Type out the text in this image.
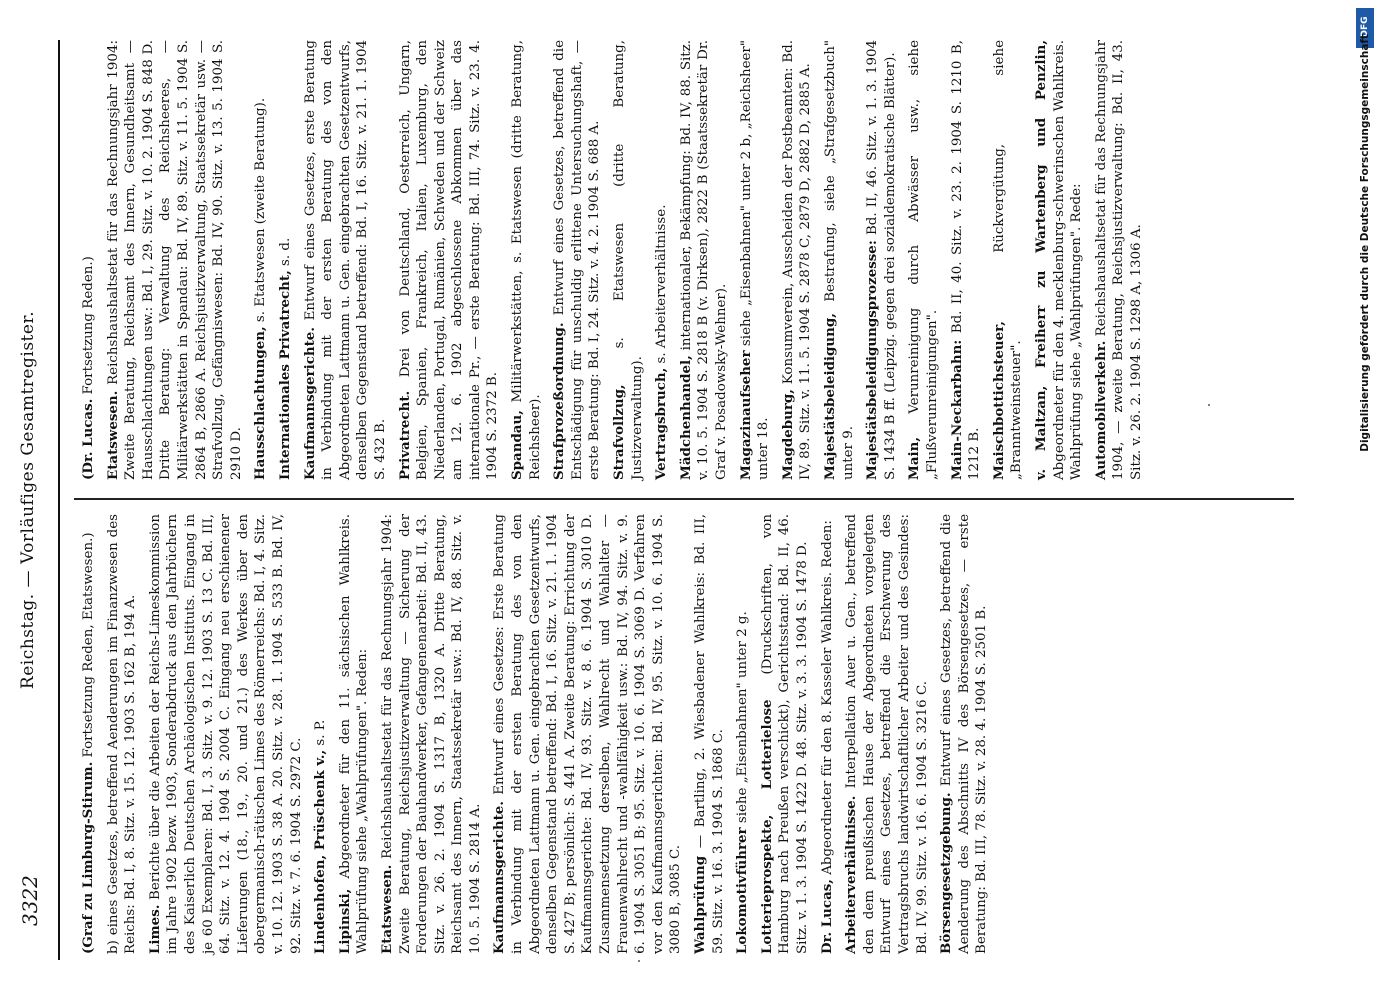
3322
Reichstag. — Vorläufiges Gesamtregister.

(Graf zu Limburg-Stirum. Fortsetzung Reden, Etatswesen.) b) eines Gesetzes, betreffend Aenderungen im Finanzwesen des Reichs: Bd. I, 8. Sitz. v. 15. 12. 1903 S. 162 B, 194 A. Limes. Berichte über die Arbeiten der Reichs-Limeskommission im Jahre 1902 bezw. 1903, Sonderabdruck aus den Jahrbüchern des Kaiserlich Deutschen Archäologischen Instituts. Eingang in je 60 Exemplaren: Bd. I, 3. Sitz. v. 9. 12. 1903 S. 13 C. Bd. III, 64. Sitz. v. 12. 4. 1904 S. 2004 C. Eingang neu erschienener Lieferungen (18., 19., 20. und 21.) des Werkes über den obergermanisch-rätischen Limes des Römerreichs: Bd. I, 4. Sitz. v. 10. 12. 1903 S. 38 A. 20. Sitz. v. 28. 1. 1904 S. 533 B. Bd. IV, 92. Sitz. v. 7. 6. 1904 S. 2972 C. Lindenhofen, Prüschenk v., s. P.

Lipinski, Abgeordneter für den 11. sächsischen Wahlkreis. Wahlprüfung siehe „Wahlprüfungen". Reden: Etatswesen. Reichshaushaltsetat für das Rechnungsjahr 1904: Zweite Beratung, Reichsjustizverwaltung — Sicherung der Forderungen der Bauhandwerker, Gefangenenarbeit: Bd. II, 43. Sitz. v. 26. 2. 1904 S. 1317 B, 1320 A. Dritte Beratung, Reichsamt des Innern, Staatssekretär usw.: Bd. IV, 88. Sitz. v. 10. 5. 1904 S. 2814 A. Kaufmannsgerichte. Entwurf eines Gesetzes: Erste Beratung in Verbindung mit der ersten Beratung des von den Abgeordneten Lattmann u. Gen. eingebrachten Gesetzentwurfs, denselben Gegenstand betreffend: Bd. I, 16. Sitz. v. 21. 1. 1904 S. 427 B; persönlich: S. 441 A. Zweite Beratung: Errichtung der Kaufmannsgerichte: Bd. IV, 93. Sitz. v. 8. 6. 1904 S. 3010 D. Zusammensetzung derselben, Wahlrecht und Wahlalter — Frauenwahlrecht und -wahlfähigkeit usw.: Bd. IV, 94. Sitz. v. 9. 6. 1904 S. 3051 B; 95. Sitz. v. 10. 6. 1904 S. 3069 D. Verfahren vor den Kaufmannsgerichten: Bd. IV, 95. Sitz. v. 10. 6. 1904 S. 3080 B, 3085 C. Wahlprüfung — Bartling, 2. Wiesbadener Wahlkreis: Bd. III, 59. Sitz. v. 16. 3. 1904 S. 1868 C. Lokomotivführer siehe „Eisenbahnen" unter 2 g. Lotterieprospekte, Lotterielose (Druckschriften, von Hamburg nach Preußen verschickt), Gerichtsstand: Bd. II, 46. Sitz. v. 1. 3. 1904 S. 1422 D. 48. Sitz. v. 3. 3. 1904 S. 1478 D. Dr. Lucas, Abgeordneter für den 8. Kasseler Wahlkreis. Reden:

Arbeiterverhältnisse. Interpellation Auer u. Gen., betreffend den dem preußischen Hause der Abgeordneten vorgelegten Entwurf eines Gesetzes, betreffend die Erschwerung des Vertragsbruchs landwirtschaftlicher Arbeiter und des Gesindes: Bd. IV, 99. Sitz. v. 16. 6. 1904 S. 3216 C. Börsengesetzgebung. Entwurf eines Gesetzes, betreffend die Aenderung des Abschnitts IV des Börsengesetzes, — erste Beratung: Bd. III, 78. Sitz. v. 28. 4. 1904 S. 2501 B.

(Dr. Lucas. Fortsetzung Reden.)

Etatswesen. Reichshaushaltsetat für das Rechnungsjahr 1904: Zweite Beratung, Reichsamt des Innern, Gesundheitsamt — Hausschlachtungen usw.: Bd. I, 29. Sitz. v. 10. 2. 1904 S. 848 D. Dritte Beratung: Verwaltung des Reichsheeres, — Militärwerkstätten in Spandau: Bd. IV, 89. Sitz. v. 11. 5. 1904 S. 2864 B, 2866 A. Reichsjustizverwaltung, Staatssekretär usw. — Strafvollzug, Gefängniswesen: Bd. IV, 90. Sitz. v. 13. 5. 1904 S. 2910 D. Hausschlachtungen, s. Etatswesen (zweite Beratung).

Internationales Privatrecht, s. d.

Kaufmannsgerichte. Entwurf eines Gesetzes, erste Beratung in Verbindung mit der ersten Beratung des von den Abgeordneten Lattmann u. Gen. eingebrachten Gesetzentwurfs, denselben Gegenstand betreffend: Bd. I, 16. Sitz. v. 21. 1. 1904 S. 432 B. Privatrecht. Drei von Deutschland, Oesterreich, Ungarn, Belgien, Spanien, Frankreich, Italien, Luxemburg, den Niederlanden, Portugal, Rumänien, Schweden und der Schweiz am 12. 6. 1902 abgeschlossene Abkommen über das internationale Pr., — erste Beratung: Bd. III, 74. Sitz. v. 23. 4. 1904 S. 2372 B. Spandau, Militärwerkstätten, s. Etatswesen (dritte Beratung, Reichsheer). Strafprozeßordnung. Entwurf eines Gesetzes, betreffend die Entschädigung für unschuldig erlittene Untersuchungshaft, — erste Beratung: Bd. I, 24. Sitz. v. 4. 2. 1904 S. 688 A. Strafvollzug, s. Etatswesen (dritte Beratung, Justizverwaltung). Vertragsbruch, s. Arbeiterverhältnisse.

Mädchenhandel, internationaler, Bekämpfung: Bd. IV, 88. Sitz. v. 10. 5. 1904 S. 2818 B (v. Dirksen), 2822 B (Staatssekretär Dr. Graf v. Posadowsky-Wehner). Magazinaufseher siehe „Eisenbahnen" unter 2 b, „Reichsheer" unter 18. Magdeburg, Konsumverein, Ausscheiden der Postbeamten: Bd. IV, 89. Sitz. v. 11. 5. 1904 S. 2878 C, 2879 D, 2882 D, 2885 A. Majestätsbeleidigung, Bestrafung, siehe „Strafgesetzbuch" unter 9. Majestätsbeleidigungsprozesse: Bd. II, 46. Sitz. v. 1. 3. 1904 S. 1434 B ff. (Leipzig. gegen drei sozialdemokratische Blätter). Main, Verunreinigung durch Abwässer usw., siehe „Flußverunreinigungen". Main-Neckarbahn: Bd. II, 40. Sitz. v. 23. 2. 1904 S. 1210 B, 1212 B. Maischbottichsteuer, Rückvergütung, siehe „Branntweinsteuer". v. Maltzan, Freiherr zu Wartenberg und Penzlin, Abgeordneter für den 4. mecklenburg-schwerinschen Wahlkreis. Wahlprüfung siehe „Wahlprüfungen". Rede: Automobilverkehr. Reichshaushaltsetat für das Rechnungsjahr 1904, — zweite Beratung, Reichsjustizverwaltung: Bd. II, 43. Sitz. v. 26. 2. 1904 S. 1298 A, 1306 A.

DFG
Digitalisierung gefördert durch die Deutsche Forschungsgemeinschaft
